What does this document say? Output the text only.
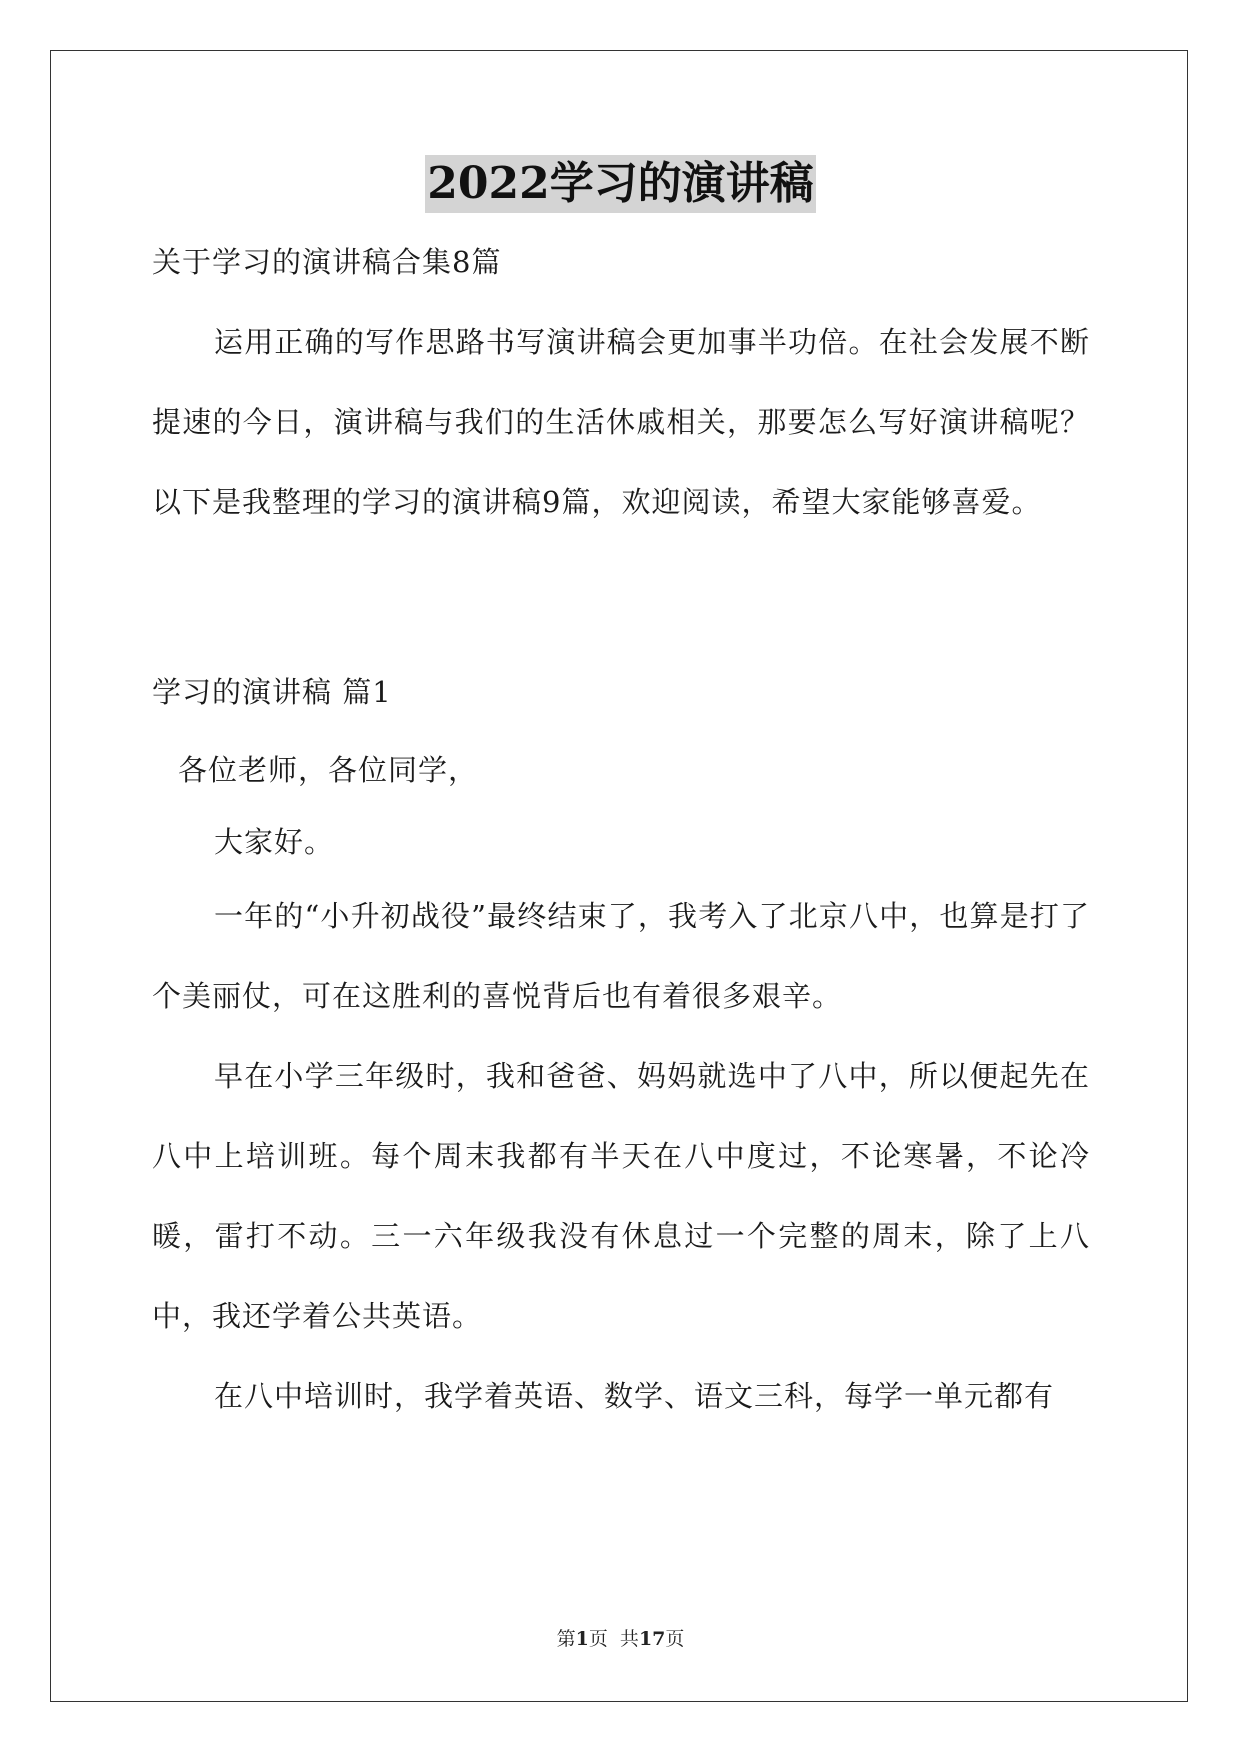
2022学习的演讲稿
关于学习的演讲稿合集8篇
运用正确的写作思路书写演讲稿会更加事半功倍。在社会发展不断提速的今日，演讲稿与我们的生活休戚相关，那要怎么写好演讲稿呢？以下是我整理的学习的演讲稿9篇，欢迎阅读，希望大家能够喜爱。
学习的演讲稿 篇1
各位老师，各位同学，
大家好。
一年的“小升初战役”最终结束了，我考入了北京八中，也算是打了个美丽仗，可在这胜利的喜悦背后也有着很多艰辛。
早在小学三年级时，我和爸爸、妈妈就选中了八中，所以便起先在八中上培训班。每个周末我都有半天在八中度过，不论寒暑，不论冷暖，雷打不动。三一六年级我没有休息过一个完整的周末，除了上八中，我还学着公共英语。
在八中培训时，我学着英语、数学、语文三科，每学一单元都有
第1页  共17页
